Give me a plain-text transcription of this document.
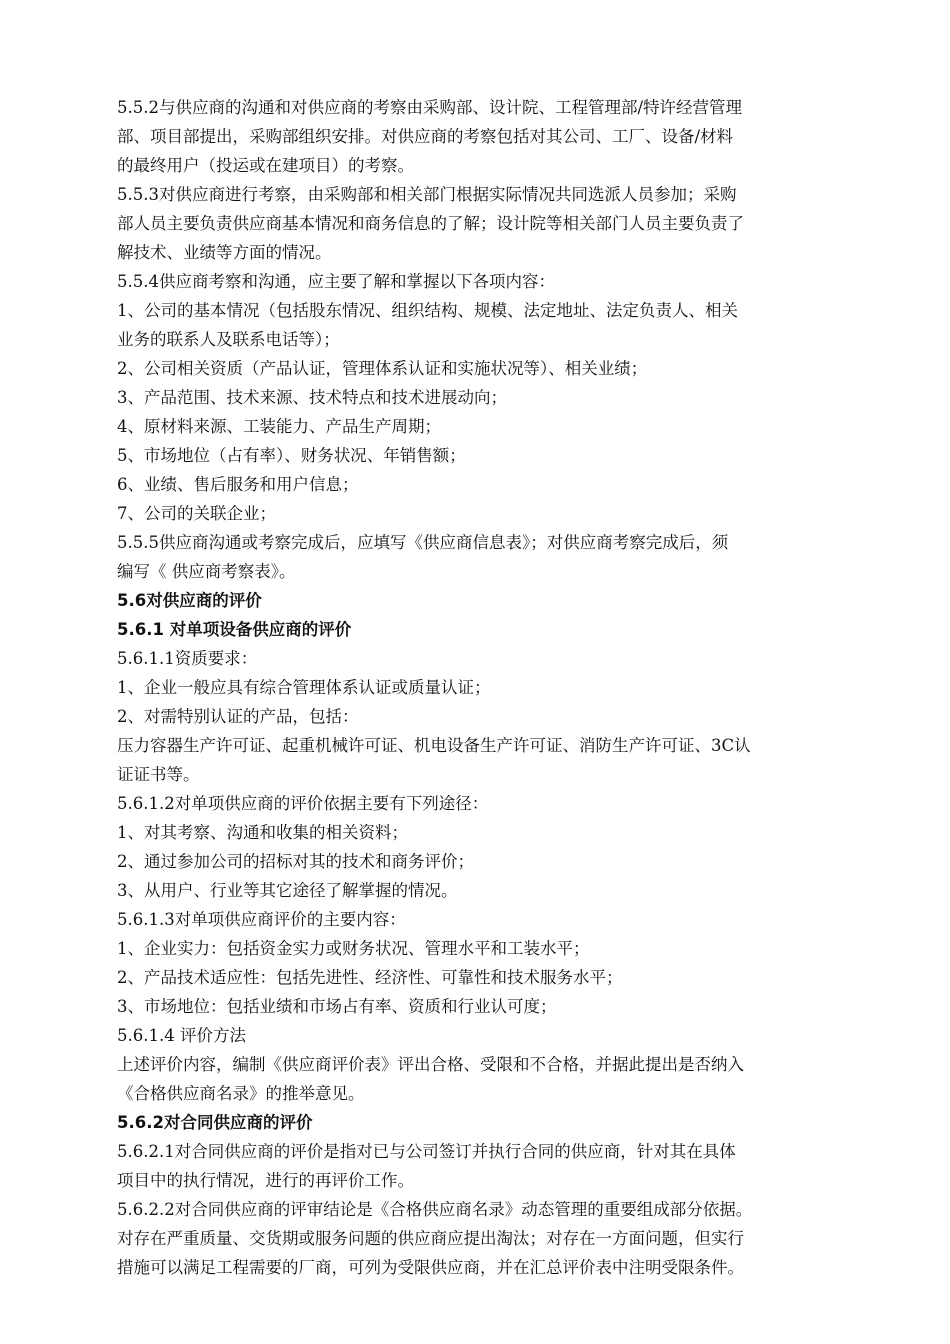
5.5.2与供应商的沟通和对供应商的考察由采购部、设计院、工程管理部/特许经营管理
部、项目部提出，采购部组织安排。对供应商的考察包括对其公司、工厂、设备/材料
的最终用户（投运或在建项目）的考察。
5.5.3对供应商进行考察，由采购部和相关部门根据实际情况共同选派人员参加；采购
部人员主要负责供应商基本情况和商务信息的了解；设计院等相关部门人员主要负责了
解技术、业绩等方面的情况。
5.5.4供应商考察和沟通，应主要了解和掌握以下各项内容：
1、公司的基本情况（包括股东情况、组织结构、规模、法定地址、法定负责人、相关
业务的联系人及联系电话等）；
2、公司相关资质（产品认证，管理体系认证和实施状况等）、相关业绩；
3、产品范围、技术来源、技术特点和技术进展动向；
4、原材料来源、工装能力、产品生产周期；
5、市场地位（占有率）、财务状况、年销售额；
6、业绩、售后服务和用户信息；
7、公司的关联企业；
5.5.5供应商沟通或考察完成后，应填写《供应商信息表》；对供应商考察完成后，须
编写《 供应商考察表》。
5.6对供应商的评价
5.6.1 对单项设备供应商的评价
5.6.1.1资质要求：
1、企业一般应具有综合管理体系认证或质量认证；
2、对需特别认证的产品，包括：
压力容器生产许可证、起重机械许可证、机电设备生产许可证、消防生产许可证、3C认
证证书等。
5.6.1.2对单项供应商的评价依据主要有下列途径：
1、对其考察、沟通和收集的相关资料；
2、通过参加公司的招标对其的技术和商务评价；
3、从用户、行业等其它途径了解掌握的情况。
5.6.1.3对单项供应商评价的主要内容：
1、企业实力：包括资金实力或财务状况、管理水平和工装水平；
2、产品技术适应性：包括先进性、经济性、可靠性和技术服务水平；
3、市场地位：包括业绩和市场占有率、资质和行业认可度；
5.6.1.4 评价方法
上述评价内容，编制《供应商评价表》评出合格、受限和不合格，并据此提出是否纳入
《合格供应商名录》的推举意见。
5.6.2对合同供应商的评价
5.6.2.1对合同供应商的评价是指对已与公司签订并执行合同的供应商，针对其在具体
项目中的执行情况，进行的再评价工作。
5.6.2.2对合同供应商的评审结论是《合格供应商名录》动态管理的重要组成部分依据。
对存在严重质量、交货期或服务问题的供应商应提出淘汰；对存在一方面问题，但实行
措施可以满足工程需要的厂商，可列为受限供应商，并在汇总评价表中注明受限条件。
